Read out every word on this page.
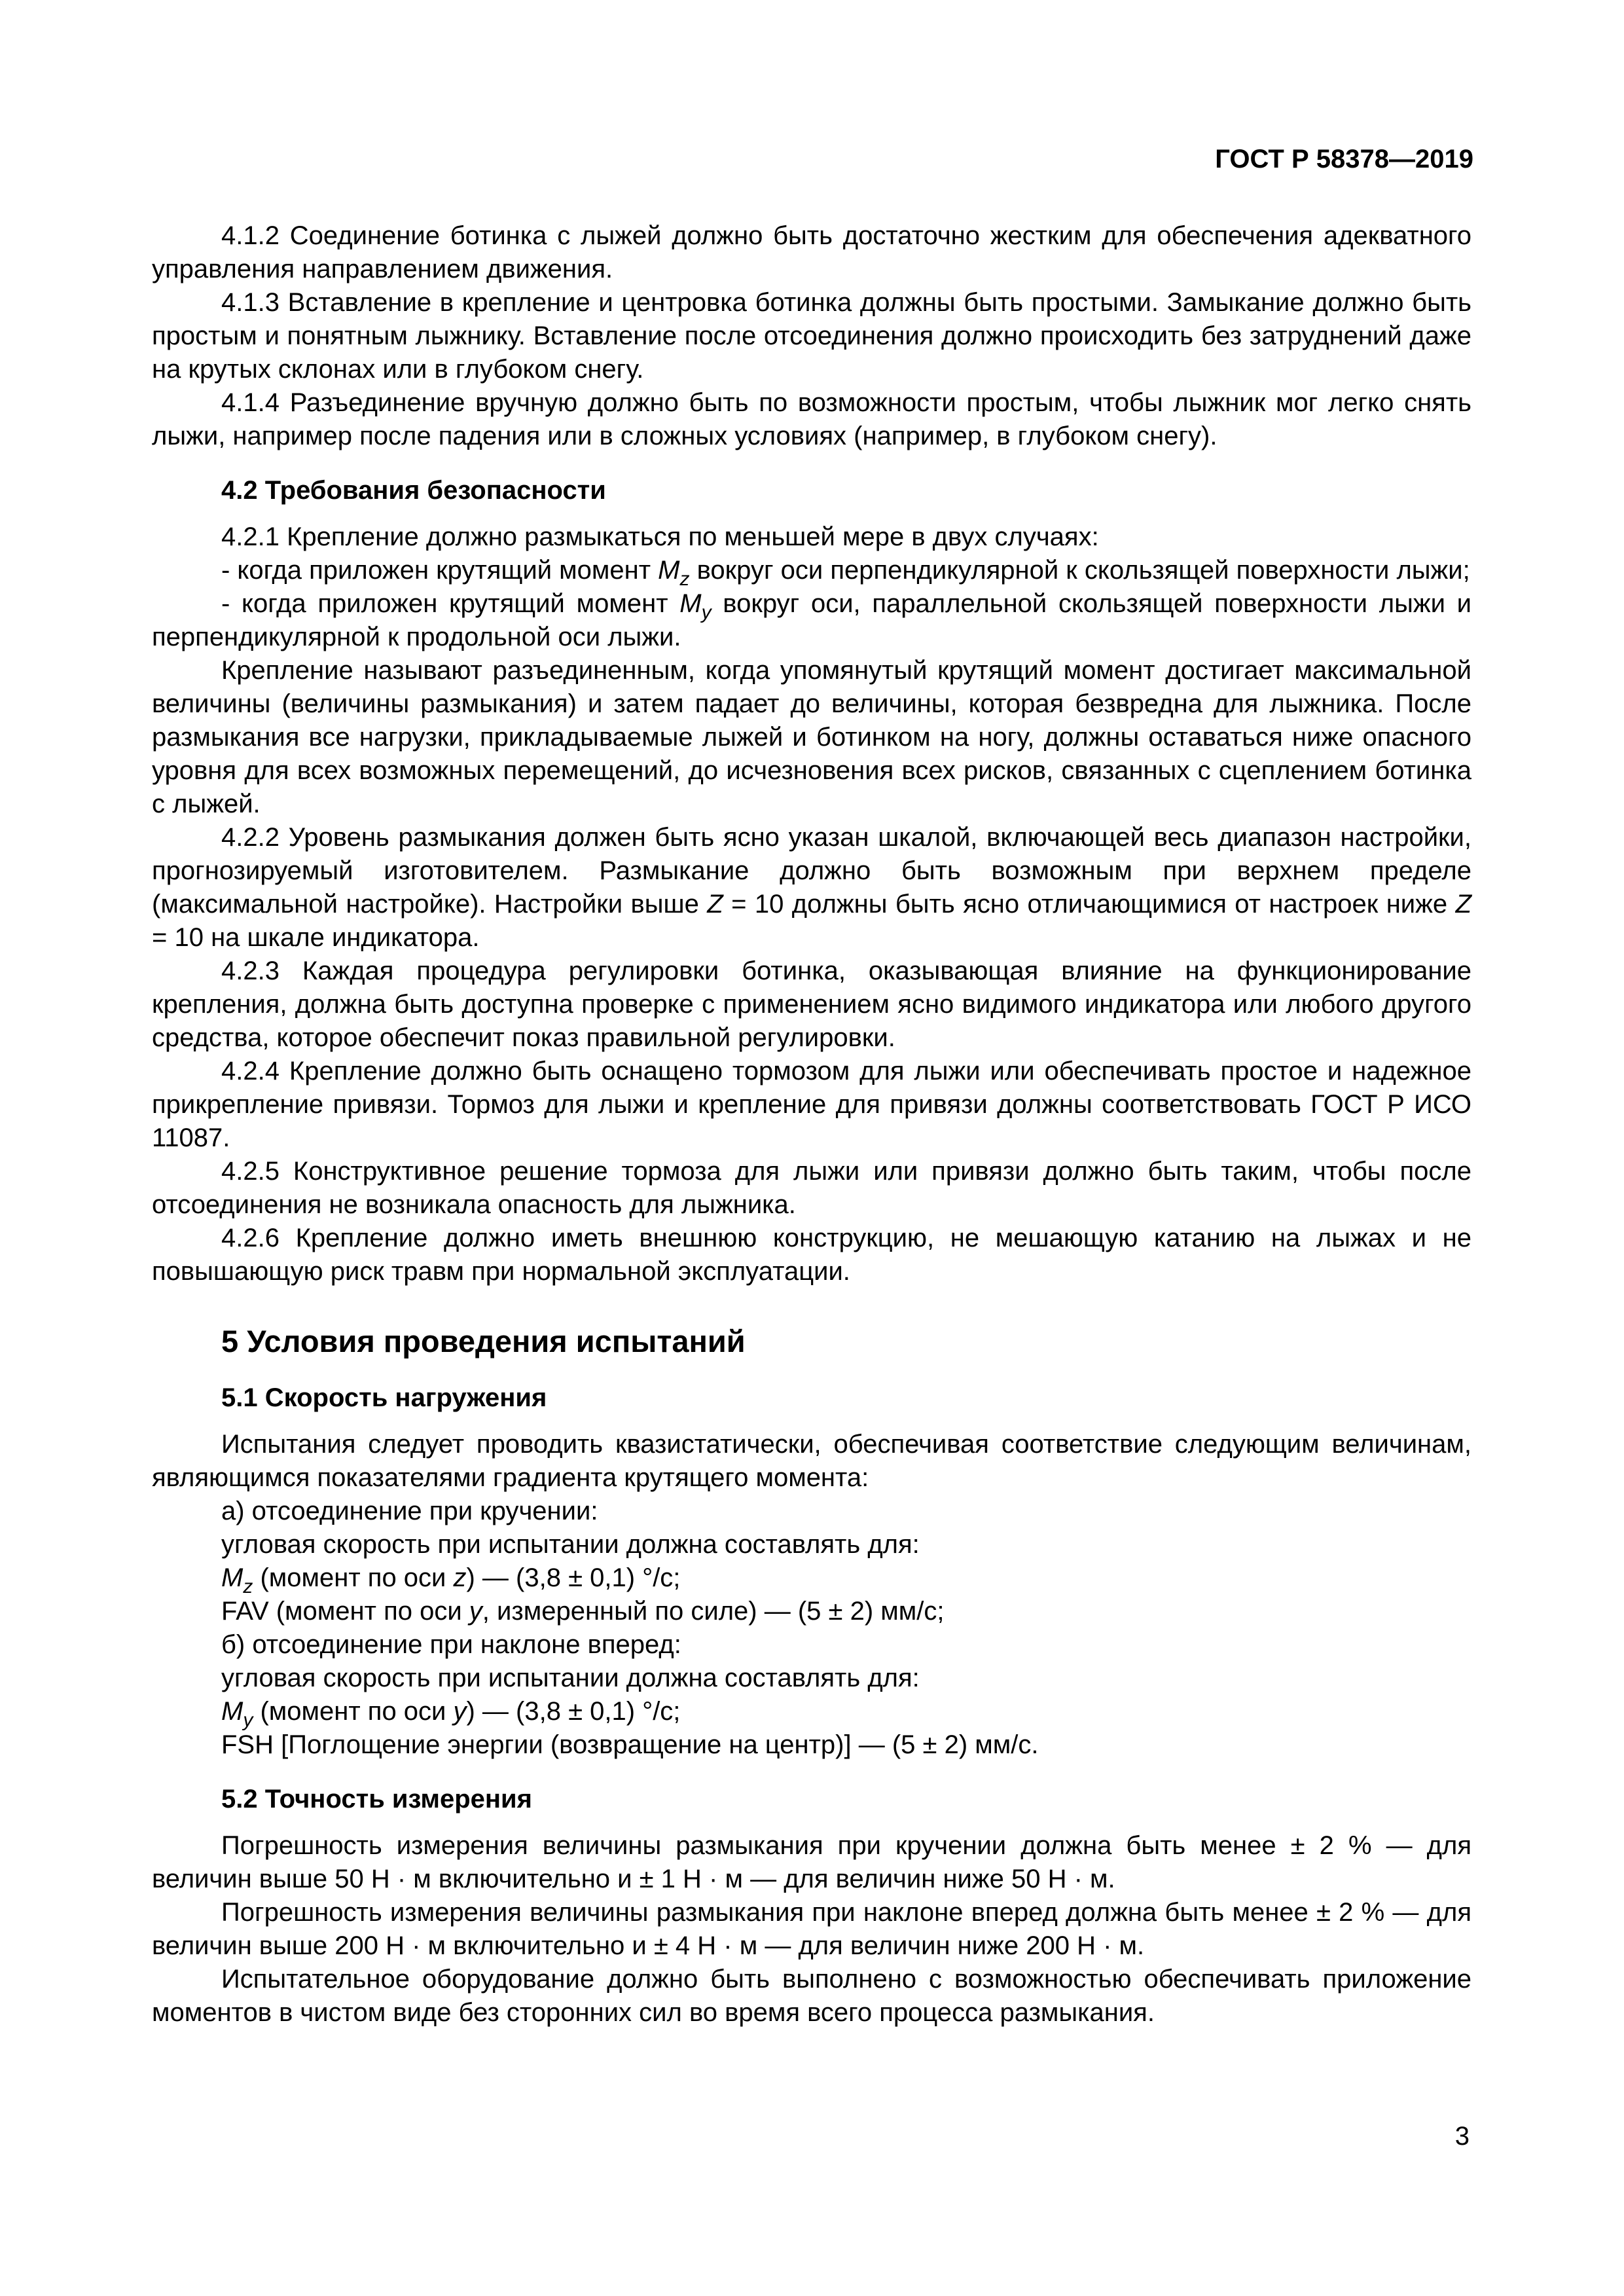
ГОСТ Р 58378—2019

4.1.2 Соединение ботинка с лыжей должно быть достаточно жестким для обеспечения адекватного управления направлением движения.

4.1.3 Вставление в крепление и центровка ботинка должны быть простыми. Замыкание должно быть простым и понятным лыжнику. Вставление после отсоединения должно происходить без затруднений даже на крутых склонах или в глубоком снегу.

4.1.4 Разъединение вручную должно быть по возможности простым, чтобы лыжник мог легко снять лыжи, например после падения или в сложных условиях (например, в глубоком снегу).

4.2 Требования безопасности

4.2.1 Крепление должно размыкаться по меньшей мере в двух случаях:

- когда приложен крутящий момент $M_z$ вокруг оси перпендикулярной к скользящей поверхности лыжи;

- когда приложен крутящий момент $M_y$ вокруг оси, параллельной скользящей поверхности лыжи и перпендикулярной к продольной оси лыжи.

Крепление называют разъединенным, когда упомянутый крутящий момент достигает максимальной величины (величины размыкания) и затем падает до величины, которая безвредна для лыжника. После размыкания все нагрузки, прикладываемые лыжей и ботинком на ногу, должны оставаться ниже опасного уровня для всех возможных перемещений, до исчезновения всех рисков, связанных с сцеплением ботинка с лыжей.

4.2.2 Уровень размыкания должен быть ясно указан шкалой, включающей весь диапазон настройки, прогнозируемый изготовителем. Размыкание должно быть возможным при верхнем пределе (максимальной настройке). Настройки выше Z = 10 должны быть ясно отличающимися от настроек ниже Z = 10 на шкале индикатора.

4.2.3 Каждая процедура регулировки ботинка, оказывающая влияние на функционирование крепления, должна быть доступна проверке с применением ясно видимого индикатора или любого другого средства, которое обеспечит показ правильной регулировки.

4.2.4 Крепление должно быть оснащено тормозом для лыжи или обеспечивать простое и надежное прикрепление привязи. Тормоз для лыжи и крепление для привязи должны соответствовать ГОСТ Р ИСО 11087.

4.2.5 Конструктивное решение тормоза для лыжи или привязи должно быть таким, чтобы после отсоединения не возникала опасность для лыжника.

4.2.6 Крепление должно иметь внешнюю конструкцию, не мешающую катанию на лыжах и не повышающую риск травм при нормальной эксплуатации.

5 Условия проведения испытаний
5.1 Скорость нагружения

Испытания следует проводить квазистатически, обеспечивая соответствие следующим величинам, являющимся показателями градиента крутящего момента:

а) отсоединение при кручении:

угловая скорость при испытании должна составлять для:

$M_z$ (момент по оси z) — (3,8 ± 0,1) °/с;

FAV (момент по оси у, измеренный по силе) — (5 ± 2) мм/с;

б) отсоединение при наклоне вперед:

угловая скорость при испытании должна составлять для:

$M_y$ (момент по оси у) — (3,8 ± 0,1) °/с;

FSH [Поглощение энергии (возвращение на центр)] — (5 ± 2) мм/с.

5.2 Точность измерения

Погрешность измерения величины размыкания при кручении должна быть менее ± 2 % — для величин выше 50 Н · м включительно и ± 1 Н · м — для величин ниже 50 Н · м.

Погрешность измерения величины размыкания при наклоне вперед должна быть менее ± 2 % — для величин выше 200 Н · м включительно и ± 4 Н · м — для величин ниже 200 Н · м.

Испытательное оборудование должно быть выполнено с возможностью обеспечивать приложение моментов в чистом виде без сторонних сил во время всего процесса размыкания.

3
